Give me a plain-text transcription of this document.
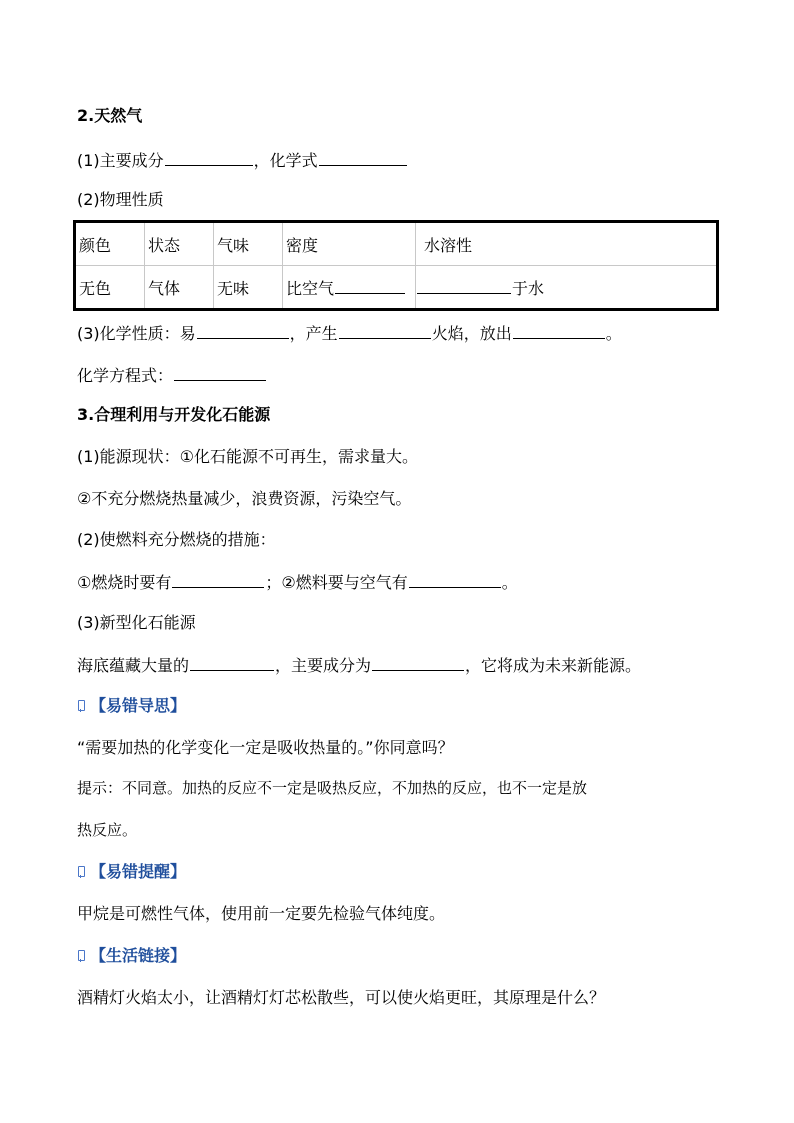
2.天然气
(1)主要成分	，化学式
(2)物理性质
颜色	状态	气味	密度	水溶性
无色	气体	无味	比空气	于水
(3)化学性质：易	，产生	火焰，放出	。
化学方程式：
3.合理利用与开发化石能源
(1)能源现状：①化石能源不可再生，需求量大。
②不充分燃烧热量减少，浪费资源，污染空气。
(2)使燃料充分燃烧的措施：
①燃烧时要有	；②燃料要与空气有	。
(3)新型化石能源
海底蕴藏大量的	，主要成分为	，它将成为未来新能源。
【易错导思】
“需要加热的化学变化一定是吸收热量的。”你同意吗？
提示：不同意。加热的反应不一定是吸热反应，不加热的反应，也不一定是放
热反应。
【易错提醒】
甲烷是可燃性气体，使用前一定要先检验气体纯度。
【生活链接】
酒精灯火焰太小，让酒精灯灯芯松散些，可以使火焰更旺，其原理是什么？
